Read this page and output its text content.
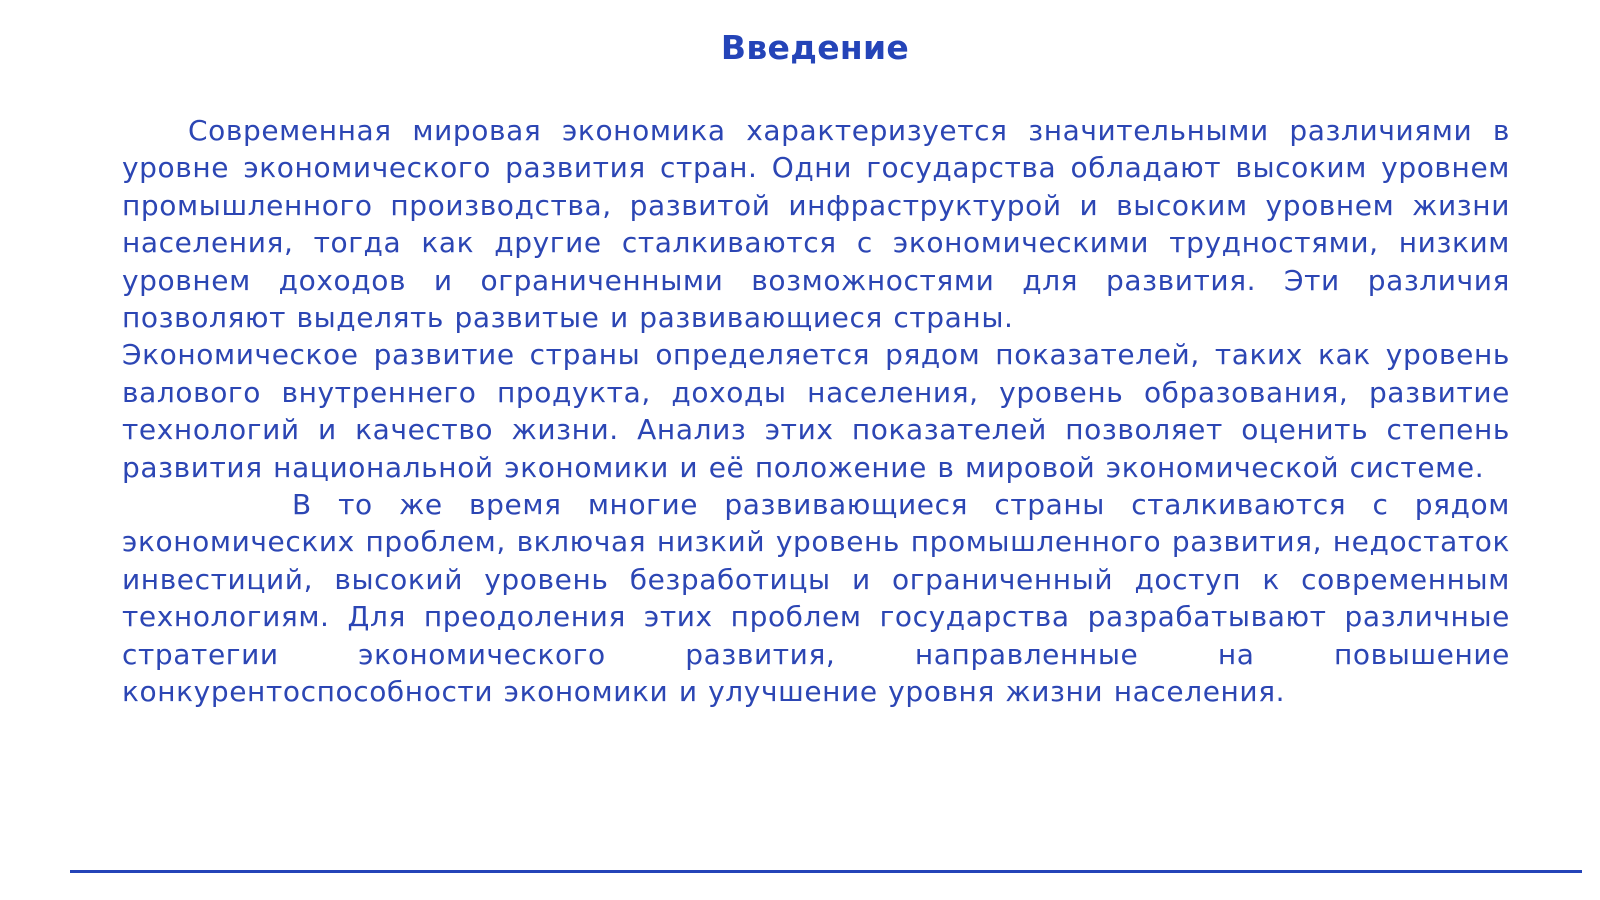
Введение

Современная мировая экономика характеризуется значительными различиями в уровне экономического развития стран. Одни государства обладают высоким уровнем промышленного производства, развитой инфраструктурой и высоким уровнем жизни населения, тогда как другие сталкиваются с экономическими трудностями, низким уровнем доходов и ограниченными возможностями для развития. Эти различия позволяют выделять развитые и развивающиеся страны.

Экономическое развитие страны определяется рядом показателей, таких как уровень валового внутреннего продукта, доходы населения, уровень образования, развитие технологий и качество жизни. Анализ этих показателей позволяет оценить степень развития национальной экономики и её положение в мировой экономической системе.

В то же время многие развивающиеся страны сталкиваются с рядом экономических проблем, включая низкий уровень промышленного развития, недостаток инвестиций, высокий уровень безработицы и ограниченный доступ к современным технологиям. Для преодоления этих проблем государства разрабатывают различные стратегии экономического развития, направленные на повышение конкурентоспособности экономики и улучшение уровня жизни населения.
